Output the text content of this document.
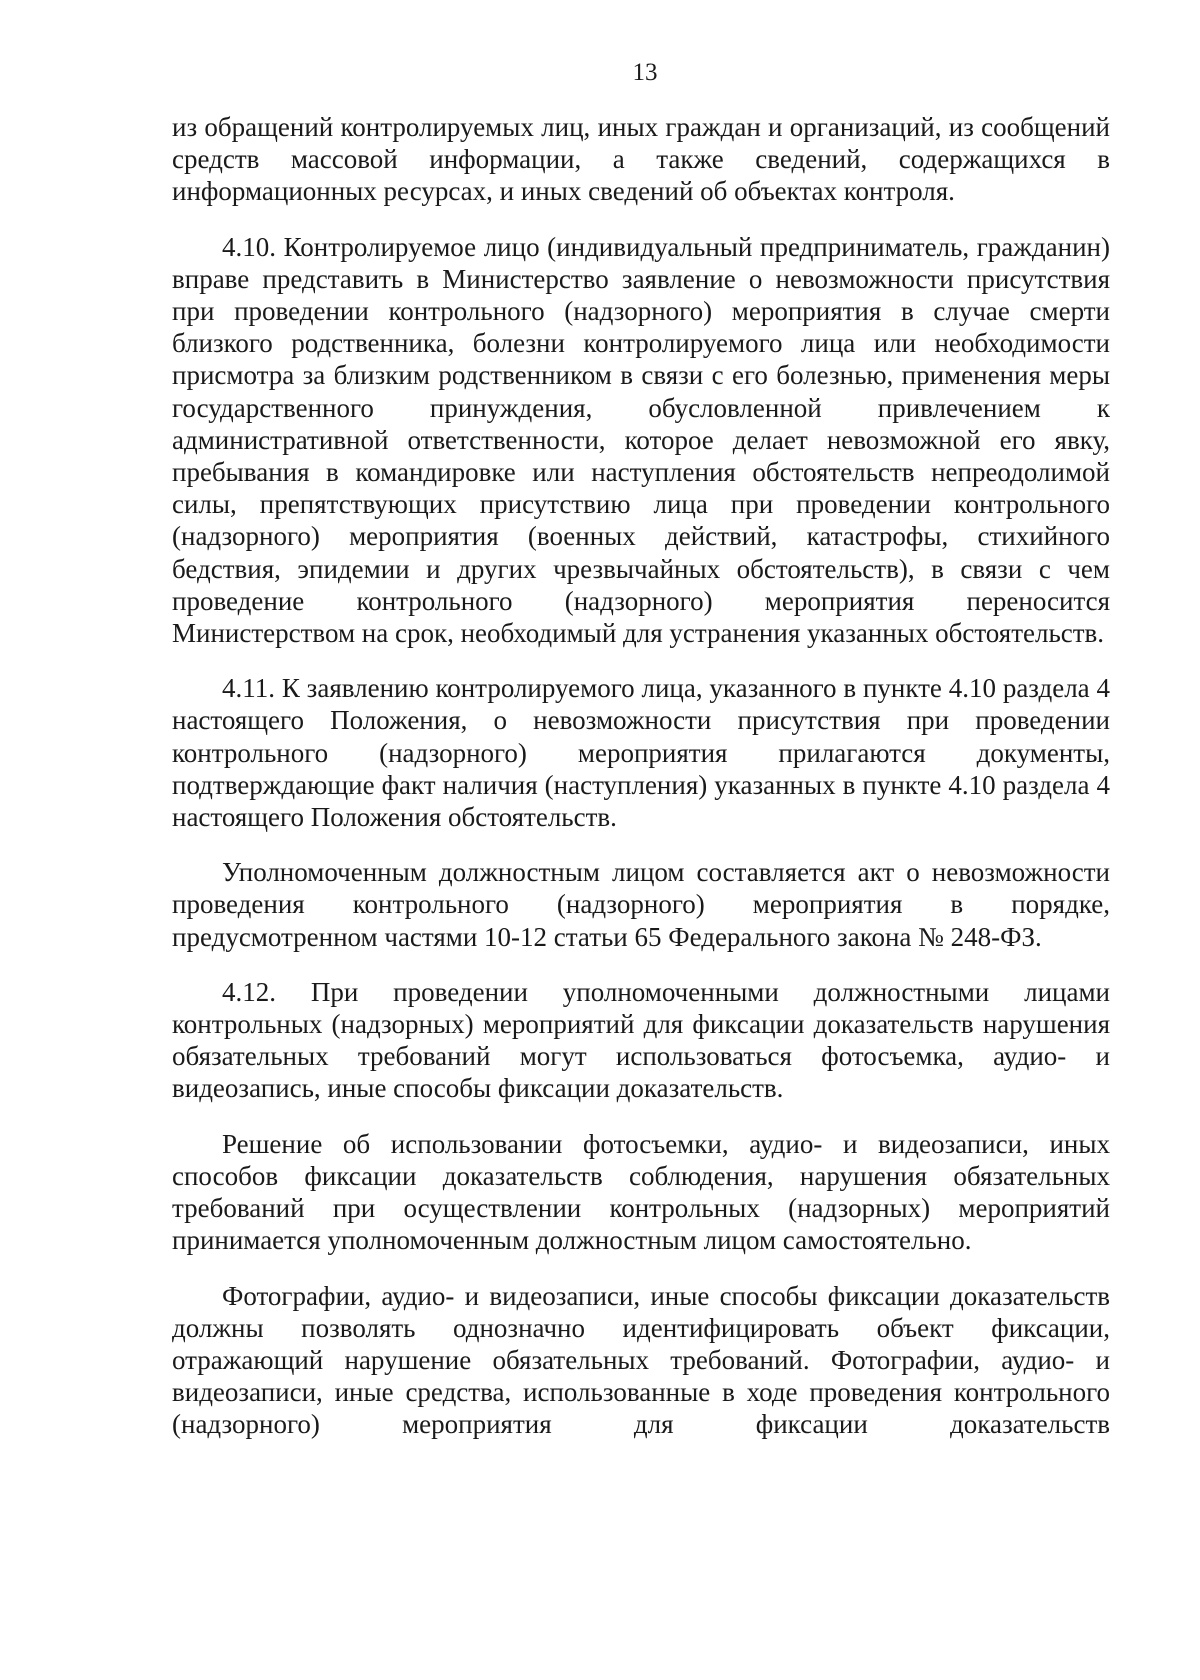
13

из обращений контролируемых лиц, иных граждан и организаций, из сообщений средств массовой информации, а также сведений, содержащихся в информационных ресурсах, и иных сведений об объектах контроля.

4.10. Контролируемое лицо (индивидуальный предприниматель, гражданин) вправе представить в Министерство заявление о невозможности присутствия при проведении контрольного (надзорного) мероприятия в случае смерти близкого родственника, болезни контролируемого лица или необходимости присмотра за близким родственником в связи с его болезнью, применения меры государственного принуждения, обусловленной привлечением к административной ответственности, которое делает невозможной его явку, пребывания в командировке или наступления обстоятельств непреодолимой силы, препятствующих присутствию лица при проведении контрольного (надзорного) мероприятия (военных действий, катастрофы, стихийного бедствия, эпидемии и других чрезвычайных обстоятельств), в связи с чем проведение контрольного (надзорного) мероприятия переносится Министерством на срок, необходимый для устранения указанных обстоятельств.

4.11. К заявлению контролируемого лица, указанного в пункте 4.10 раздела 4 настоящего Положения, о невозможности присутствия при проведении контрольного (надзорного) мероприятия прилагаются документы, подтверждающие факт наличия (наступления) указанных в пункте 4.10 раздела 4 настоящего Положения обстоятельств.

Уполномоченным должностным лицом составляется акт о невозможности проведения контрольного (надзорного) мероприятия в порядке, предусмотренном частями 10-12 статьи 65 Федерального закона № 248-ФЗ.

4.12. При проведении уполномоченными должностными лицами контрольных (надзорных) мероприятий для фиксации доказательств нарушения обязательных требований могут использоваться фотосъемка, аудио- и видеозапись, иные способы фиксации доказательств.

Решение об использовании фотосъемки, аудио- и видеозаписи, иных способов фиксации доказательств соблюдения, нарушения обязательных требований при осуществлении контрольных (надзорных) мероприятий принимается уполномоченным должностным лицом самостоятельно.

Фотографии, аудио- и видеозаписи, иные способы фиксации доказательств должны позволять однозначно идентифицировать объект фиксации, отражающий нарушение обязательных требований. Фотографии, аудио- и видеозаписи, иные средства, использованные в ходе проведения контрольного (надзорного) мероприятия для фиксации доказательств
